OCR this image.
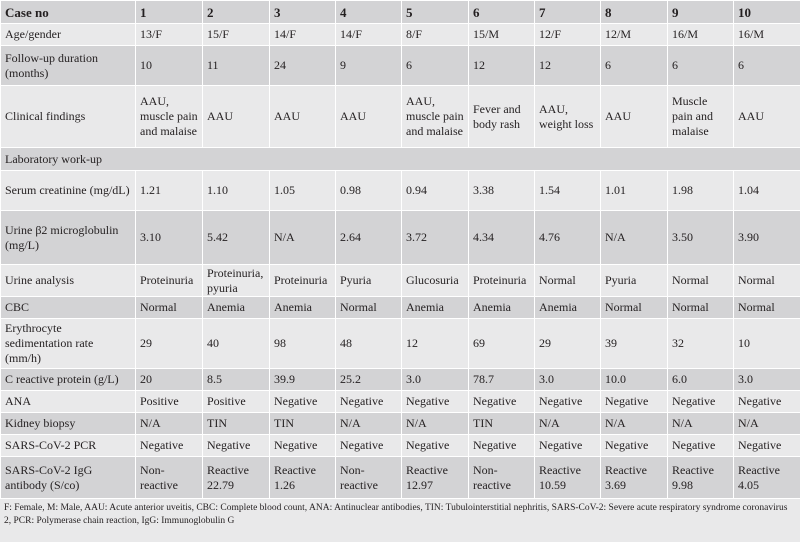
Case no	1	2	3	4	5	6	7	8	9	10
Age/gender	13/F	15/F	14/F	14/F	8/F	15/M	12/F	12/M	16/M	16/M
Follow-up duration (months)	10	11	24	9	6	12	12	6	6	6
Clinical findings	AAU, muscle pain and malaise	AAU	AAU	AAU	AAU, muscle pain and malaise	Fever and body rash	AAU, weight loss	AAU	Muscle pain and malaise	AAU
Laboratory work-up										
Serum creatinine (mg/dL)	1.21	1.10	1.05	0.98	0.94	3.38	1.54	1.01	1.98	1.04
Urine β2 microglobulin (mg/L)	3.10	5.42	N/A	2.64	3.72	4.34	4.76	N/A	3.50	3.90
Urine analysis	Proteinuria	Proteinuria, pyuria	Proteinuria	Pyuria	Glucosuria	Proteinuria	Normal	Pyuria	Normal	Normal
CBC	Normal	Anemia	Anemia	Normal	Anemia	Anemia	Anemia	Normal	Normal	Normal
Erythrocyte sedimentation rate (mm/h)	29	40	98	48	12	69	29	39	32	10
C reactive protein (g/L)	20	8.5	39.9	25.2	3.0	78.7	3.0	10.0	6.0	3.0
ANA	Positive	Positive	Negative	Negative	Negative	Negative	Negative	Negative	Negative	Negative
Kidney biopsy	N/A	TIN	TIN	N/A	N/A	TIN	N/A	N/A	N/A	N/A
SARS-CoV-2 PCR	Negative	Negative	Negative	Negative	Negative	Negative	Negative	Negative	Negative	Negative
SARS-CoV-2 IgG antibody (S/co)	Non-reactive	Reactive 22.79	Reactive 1.26	Non-reactive	Reactive 12.97	Non-reactive	Reactive 10.59	Reactive 3.69	Reactive 9.98	Reactive 4.05
F: Female, M: Male, AAU: Acute anterior uveitis, CBC: Complete blood count, ANA: Antinuclear antibodies, TIN: Tubulointerstitial nephritis, SARS-CoV-2: Severe acute respiratory syndrome coronavirus 2, PCR: Polymerase chain reaction, IgG: Immunoglobulin G
